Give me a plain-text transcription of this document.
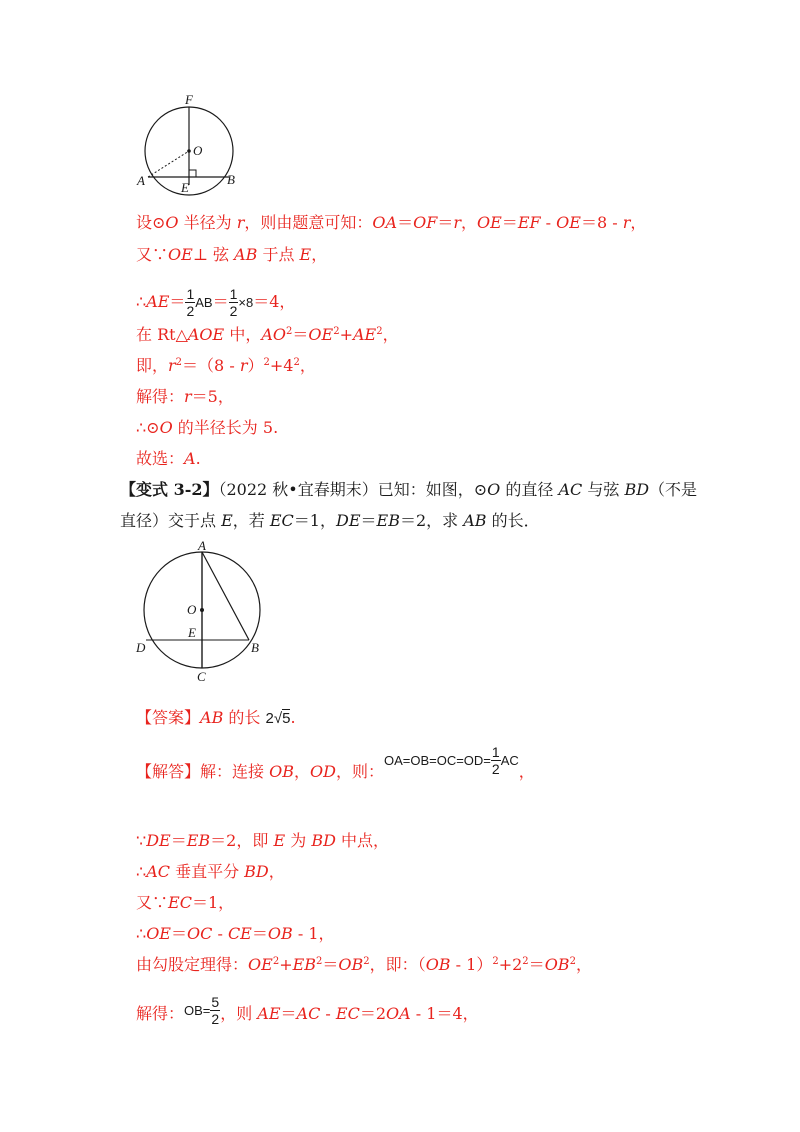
F
O
A	E
B
设⊙O 半径为 r，则由题意可知：OA＝OF＝r，OE＝EF - OE＝8 - r，
又∵OE⊥ 弦 AB 于点 E，
∴AE＝ $\frac{1}{2} AB= \frac{1}{2} \times 8=4$，
在 Rt△AOE 中，$AO^2=OE^2+AE^2$，
即，$r^2=(8 - r)^2+4^2$，
解得：r＝5，
∴⊙O 的半径长为 5.
故选：A.
【变式 3-2】（2022 秋•宜春期末）已知：如图，⊙O 的直径 AC 与弦 BD（不是
直径）交于点 E，若 EC＝1，DE＝EB＝2，求 AB 的长．
A
O
E
D	B
C
【答案】AB 的长 2√5.
【解答】解：连接 OB，OD，则：$^{OA=OB=OC=OD=} \frac{1}{2} ^{AC}$，
∵DE＝EB＝2，即 E 为 BD 中点，
∴AC 垂直平分 BD，
又∵EC＝1，
∴OE＝OC - CE＝OB - 1，
由勾股定理得：$OE^2+EB^2=OB^2$，即：$(OB - 1)^2+2^2=OB^2$，
解得：$^{OB=} \frac{5}{2}$ ，则 AE＝AC - EC＝2OA - 1＝4，
